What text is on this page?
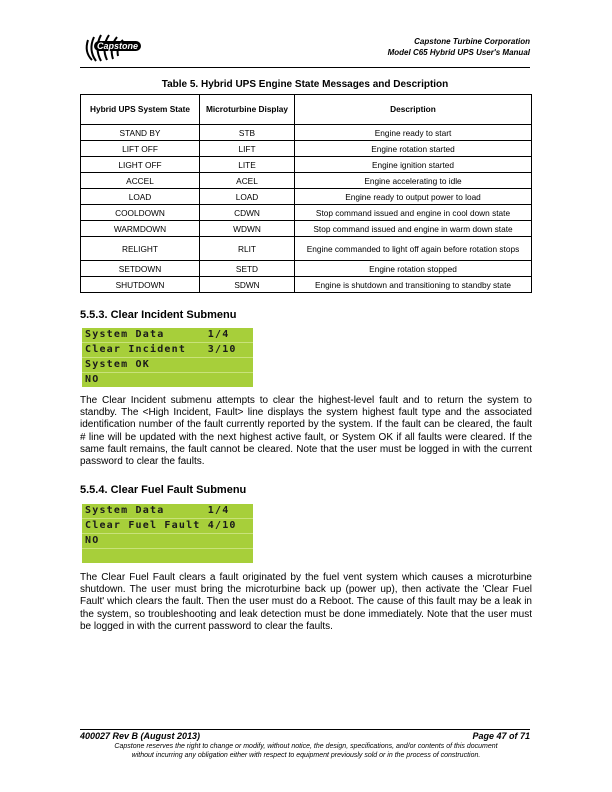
Capstone	Capstone Turbine Corporation
Model C65 Hybrid UPS User's Manual
Table 5. Hybrid UPS Engine State Messages and Description
Hybrid UPS System State	Microturbine Display	Description
STAND BY	STB	Engine ready to start
LIFT OFF	LIFT	Engine rotation started
LIGHT OFF	LITE	Engine ignition started
ACCEL	ACEL	Engine accelerating to idle
LOAD	LOAD	Engine ready to output power to load
COOLDOWN	CDWN	Stop command issued and engine in cool down state
WARMDOWN	WDWN	Stop command issued and engine in warm down state
RELIGHT	RLIT	Engine commanded to light off again before rotation stops
SETDOWN	SETD	Engine rotation stopped
SHUTDOWN	SDWN	Engine is shutdown and transitioning to standby state
5.5.3. Clear Incident Submenu
System Data      1/4
Clear Incident   3/10
System OK
NO
The Clear Incident submenu attempts to clear the highest-level fault and to return the system to standby. The <High Incident, Fault> line displays the system highest fault type and the associated identification number of the fault currently reported by the system. If the fault can be cleared, the fault # line will be updated with the next highest active fault, or System OK if all faults were cleared. If the same fault remains, the fault cannot be cleared. Note that the user must be logged in with the current password to clear the faults.
5.5.4. Clear Fuel Fault Submenu
System Data      1/4
Clear Fuel Fault 4/10
NO
The Clear Fuel Fault clears a fault originated by the fuel vent system which causes a microturbine shutdown. The user must bring the microturbine back up (power up), then activate the 'Clear Fuel Fault' which clears the fault. Then the user must do a Reboot. The cause of this fault may be a leak in the system, so troubleshooting and leak detection must be done immediately. Note that the user must be logged in with the current password to clear the faults.
400027 Rev B (August 2013)	Page 47 of 71
Capstone reserves the right to change or modify, without notice, the design, specifications, and/or contents of this document
without incurring any obligation either with respect to equipment previously sold or in the process of construction.
